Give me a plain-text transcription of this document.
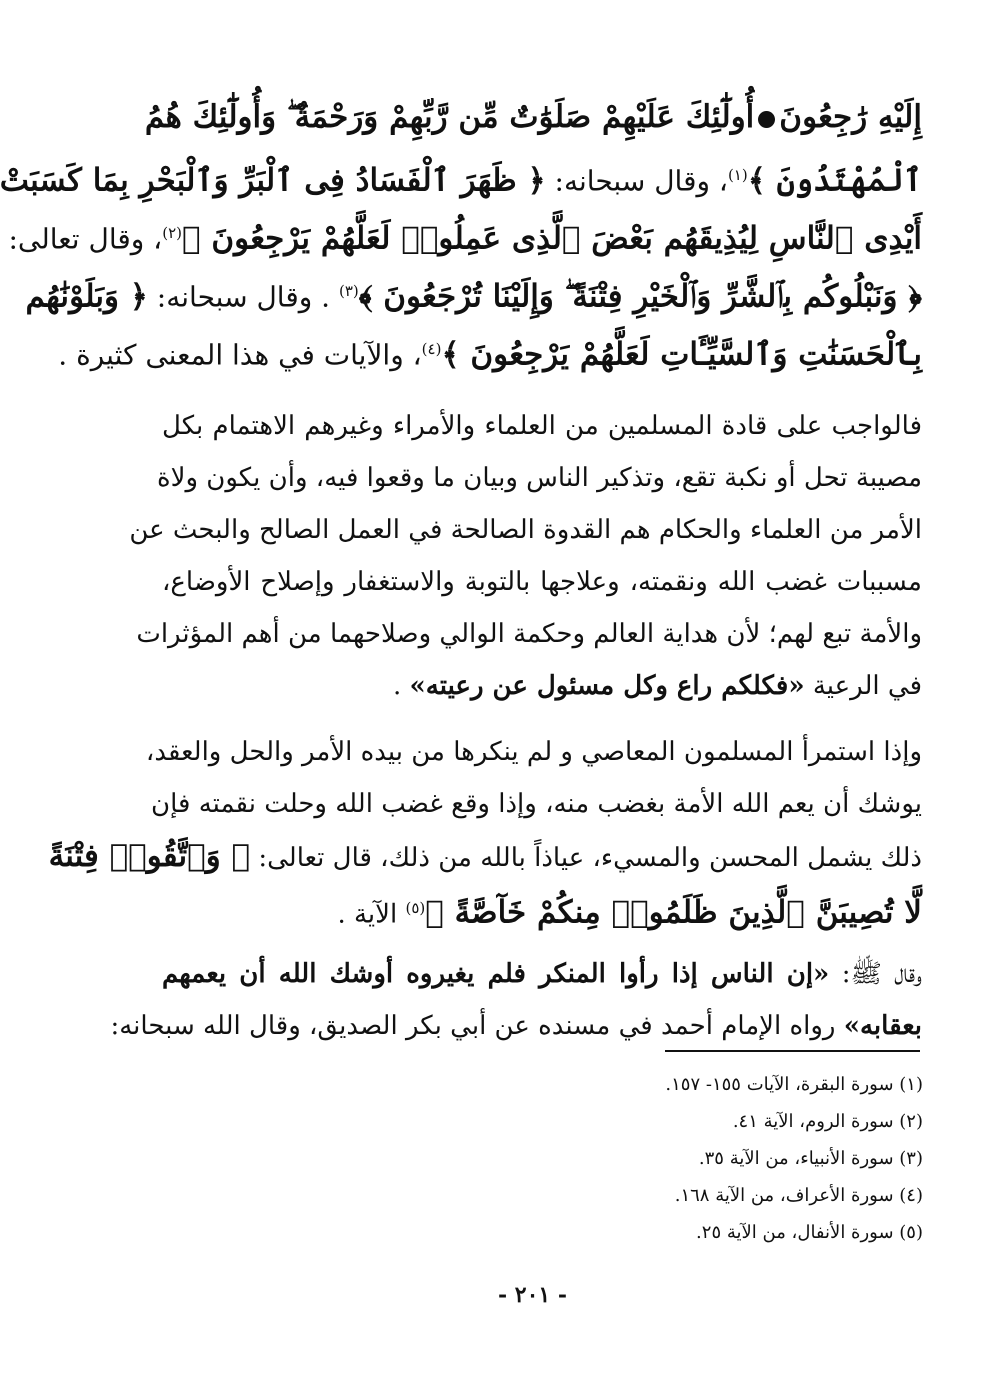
إِلَيْهِ رَٰجِعُونَأُولَٰٓئِكَ عَلَيْهِمْ صَلَوَٰتٌ مِّن رَّبِّهِمْ وَرَحْمَةٌ ۖ وَأُولَٰٓئِكَ هُمُ
ٱلْمُهْتَدُونَ ﴾$^{(١)}$، وقال سبحانه: ﴿ ظَهَرَ ٱلْفَسَادُ فِى ٱلْبَرِّ وَٱلْبَحْرِ بِمَا كَسَبَتْ
أَيْدِى ٱلنَّاسِ لِيُذِيقَهُم بَعْضَ ٱلَّذِى عَمِلُوا۟ لَعَلَّهُمْ يَرْجِعُونَ ﴾$^{(٢)}$، وقال تعالى:
﴿ وَنَبْلُوكُم بِٱلشَّرِّ وَٱلْخَيْرِ فِتْنَةً ۖ وَإِلَيْنَا تُرْجَعُونَ ﴾$^{(٣)}$ . وقال سبحانه: ﴿ وَبَلَوْنَٰهُم
بِٱلْحَسَنَٰتِ وَٱلسَّيِّـَٔاتِ لَعَلَّهُمْ يَرْجِعُونَ ﴾$^{(٤)}$، والآيات في هذا المعنى كثيرة .
فالواجب على قادة المسلمين من العلماء والأمراء وغيرهم الاهتمام بكل
مصيبة تحل أو نكبة تقع، وتذكير الناس وبيان ما وقعوا فيه، وأن يكون ولاة
الأمر من العلماء والحكام هم القدوة الصالحة في العمل الصالح والبحث عن
مسببات غضب الله ونقمته، وعلاجها بالتوبة والاستغفار وإصلاح الأوضاع،
والأمة تبع لهم؛ لأن هداية العالم وحكمة الوالي وصلاحهما من أهم المؤثرات
في الرعية «فكلكم راع وكل مسئول عن رعيته» .
وإذا استمرأ المسلمون المعاصي و لم ينكرها من بيده الأمر والحل والعقد،
يوشك أن يعم الله الأمة بغضب منه، وإذا وقع غضب الله وحلت نقمته فإن
ذلك يشمل المحسن والمسيء، عياذاً بالله من ذلك، قال تعالى: ﴿ وَٱتَّقُوا۟ فِتْنَةً
لَّا تُصِيبَنَّ ٱلَّذِينَ ظَلَمُوا۟ مِنكُمْ خَآصَّةً ﴾$^{(٥)}$ الآية .
وقال ﷺ: «إن الناس إذا رأوا المنكر فلم يغيروه أوشك الله أن يعمهم
بعقابه» رواه الإمام أحمد في مسنده عن أبي بكر الصديق، وقال الله سبحانه:
(١) سورة البقرة، الآيات ١٥٥- ١٥٧.
(٢) سورة الروم، الآية ٤١.
(٣) سورة الأنبياء، من الآية ٣٥.
(٤) سورة الأعراف، من الآية ١٦٨.
(٥) سورة الأنفال، من الآية ٢٥.
- ٢٠١ -
